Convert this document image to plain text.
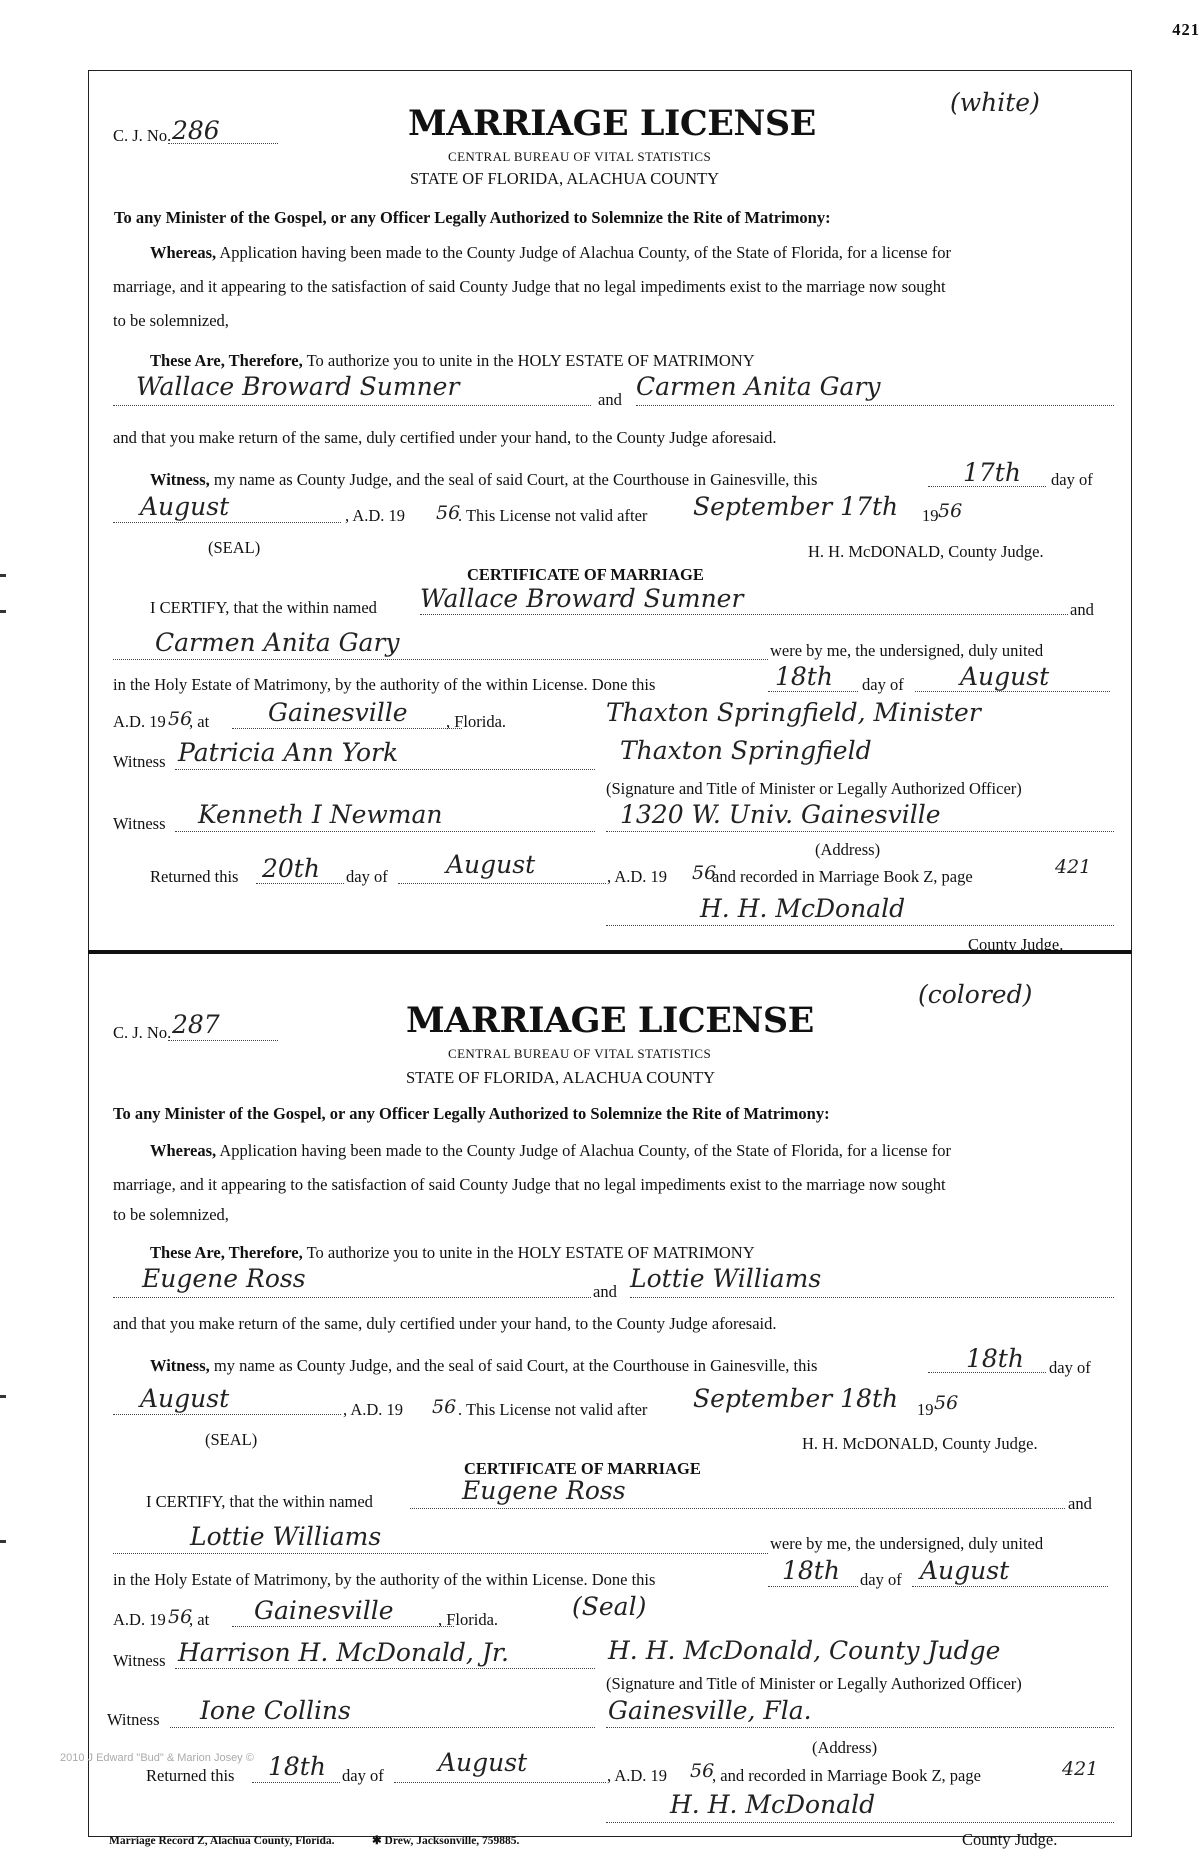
421
C. J. No. 286	MARRIAGE LICENSE
(white)
CENTRAL BUREAU OF VITAL STATISTICS
STATE OF FLORIDA, ALACHUA COUNTY
To any Minister of the Gospel, or any Officer Legally Authorized to Solemnize the Rite of Matrimony:
Whereas, Application having been made to the County Judge of Alachua County, of the State of Florida, for a license for
marriage, and it appearing to the satisfaction of said County Judge that no legal impediments exist to the marriage now sought
to be solemnized,
These Are, Therefore, To authorize you to unite in the HOLY ESTATE OF MATRIMONY
Wallace Broward Sumner	and Carmen Anita Gary
and that you make return of the same, duly certified under your hand, to the County Judge aforesaid.
Witness, my name as County Judge, and the seal of said Court, at the Courthouse in Gainesville, this	17th day of
August	, A.D. 19 56
. This License not valid after September 17th 19 56
(SEAL)	H. H. McDONALD, County Judge.
CERTIFICATE OF MARRIAGE
I CERTIFY, that the within named Wallace Broward Sumner	and
Carmen Anita Gary	were by me, the undersigned, duly united
in the Holy Estate of Matrimony, by the authority of the within License. Done this	18th day of August
A.D. 19 56
, at Gainesville , Florida.	Thaxton Springfield, Minister
Witness Patricia Ann York	Thaxton Springfield
(Signature and Title of Minister or Legally Authorized Officer)
Witness Kenneth I Newman	1320 W. Univ. Gainesville
(Address)
Returned this 20th day of August	, A.D. 19 56
and recorded in Marriage Book Z, page	421
H. H. McDonald
County Judge.
C. J. No. 287	MARRIAGE LICENSE
(colored)
CENTRAL BUREAU OF VITAL STATISTICS
STATE OF FLORIDA, ALACHUA COUNTY
To any Minister of the Gospel, or any Officer Legally Authorized to Solemnize the Rite of Matrimony:
Whereas, Application having been made to the County Judge of Alachua County, of the State of Florida, for a license for
marriage, and it appearing to the satisfaction of said County Judge that no legal impediments exist to the marriage now sought
to be solemnized,
These Are, Therefore, To authorize you to unite in the HOLY ESTATE OF MATRIMONY
Eugene Ross	and Lottie Williams
and that you make return of the same, duly certified under your hand, to the County Judge aforesaid.
Witness, my name as County Judge, and the seal of said Court, at the Courthouse in Gainesville, this	18th day of
August	, A.D. 19 56 . This License not valid after September 18th 19 56
(SEAL)	H. H. McDONALD, County Judge.
CERTIFICATE OF MARRIAGE
I CERTIFY, that the within named	Eugene Ross	and
Lottie Williams	were by me, the undersigned, duly united
in the Holy Estate of Matrimony, by the authority of the within License. Done this	18th day of August
A.D. 19 56
, at Gainesville	, Florida.	(Seal)
Witness Harrison H. McDonald, Jr.	H. H. McDonald, County Judge
(Signature and Title of Minister or Legally Authorized Officer)
Witness Ione Collins	Gainesville, Fla.
(Address)
Returned this 18th day of August	, A.D. 19 56
, and recorded in Marriage Book Z, page	421
H. H. McDonald
County Judge.
Marriage Record Z, Alachua County, Florida.	✱ Drew, Jacksonville, 759885.
2010 J Edward "Bud" & Marion Josey ©
